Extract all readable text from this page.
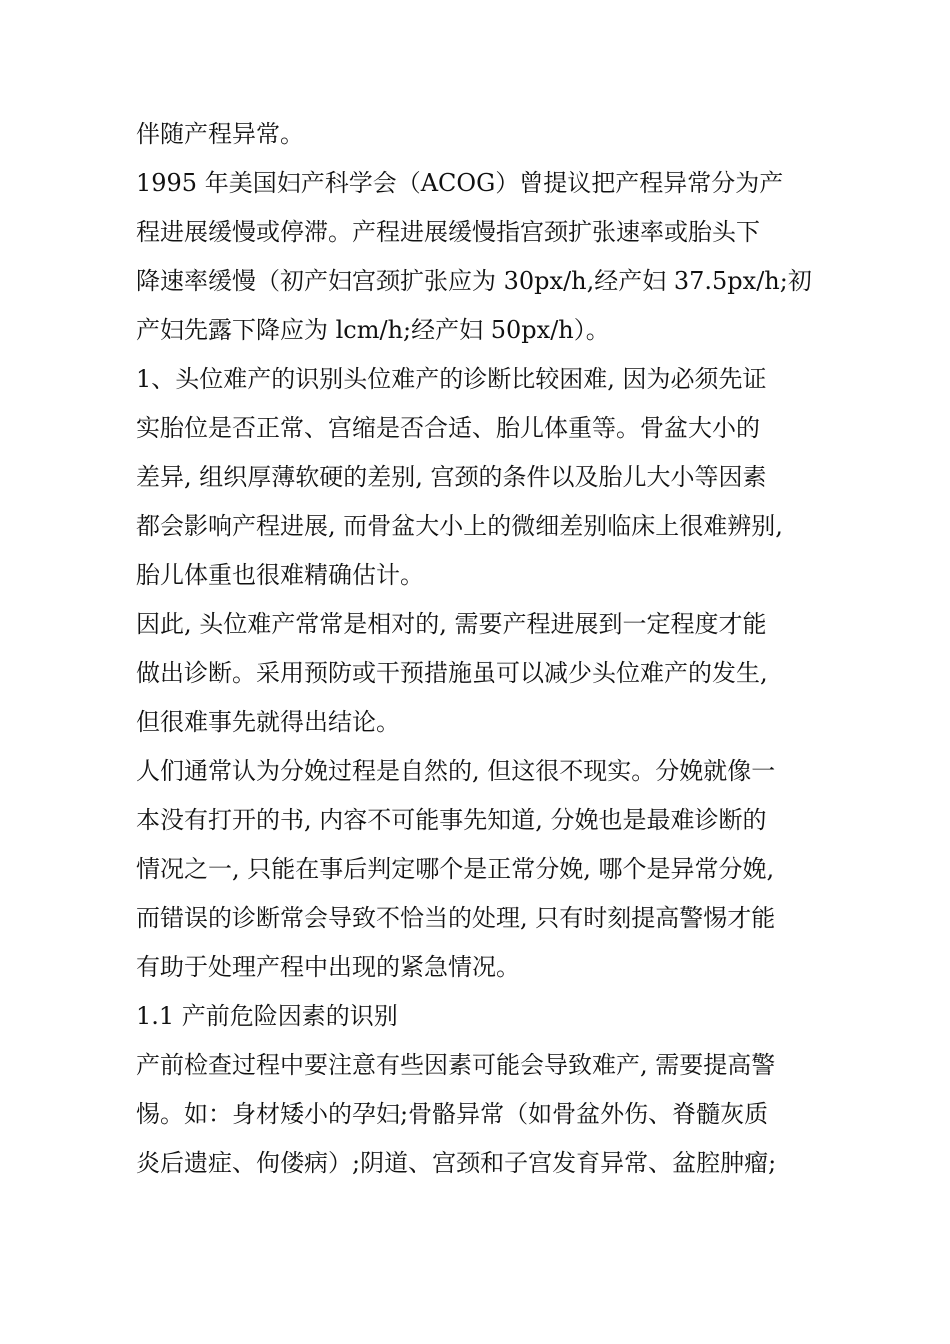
伴随产程异常。

1995 年美国妇产科学会（ACOG）曾提议把产程异常分为产
程进展缓慢或停滞。产程进展缓慢指宫颈扩张速率或胎头下
降速率缓慢（初产妇宫颈扩张应为 30px/h,经产妇 37.5px/h;初
产妇先露下降应为 lcm/h;经产妇 50px/h）。

1、头位难产的识别头位难产的诊断比较困难, 因为必须先证
实胎位是否正常、宫缩是否合适、胎儿体重等。骨盆大小的
差异, 组织厚薄软硬的差别, 宫颈的条件以及胎儿大小等因素
都会影响产程进展, 而骨盆大小上的微细差别临床上很难辨别,
胎儿体重也很难精确估计。

因此, 头位难产常常是相对的, 需要产程进展到一定程度才能
做出诊断。采用预防或干预措施虽可以减少头位难产的发生,
但很难事先就得出结论。

人们通常认为分娩过程是自然的, 但这很不现实。分娩就像一
本没有打开的书, 内容不可能事先知道, 分娩也是最难诊断的
情况之一, 只能在事后判定哪个是正常分娩, 哪个是异常分娩,
而错误的诊断常会导致不恰当的处理, 只有时刻提高警惕才能
有助于处理产程中出现的紧急情况。

1.1 产前危险因素的识别

产前检查过程中要注意有些因素可能会导致难产, 需要提高警
惕。如：身材矮小的孕妇;骨骼异常（如骨盆外伤、脊髓灰质
炎后遗症、佝偻病）;阴道、宫颈和子宫发育异常、盆腔肿瘤;
